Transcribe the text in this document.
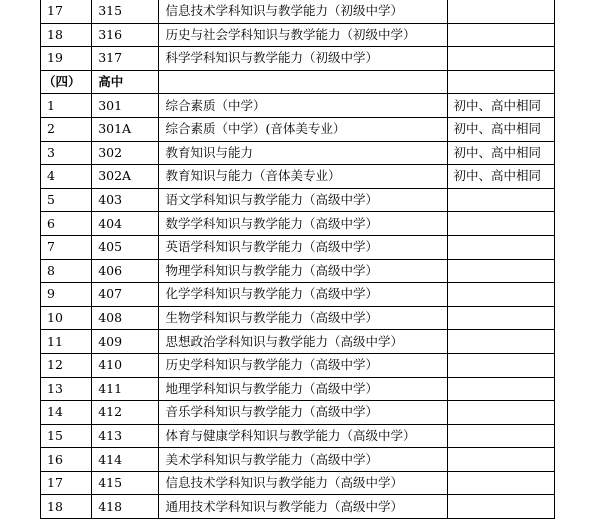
17	315	信息技术学科知识与教学能力（初级中学）	
18	316	历史与社会学科知识与教学能力（初级中学）	
19	317	科学学科知识与教学能力（初级中学）	
（四）	高中		
1	301	综合素质（中学）	初中、高中相同
2	301A	综合素质（中学）(音体美专业）	初中、高中相同
3	302	教育知识与能力	初中、高中相同
4	302A	教育知识与能力（音体美专业）	初中、高中相同
5	403	语文学科知识与教学能力（高级中学）	
6	404	数学学科知识与教学能力（高级中学）	
7	405	英语学科知识与教学能力（高级中学）	
8	406	物理学科知识与教学能力（高级中学）	
9	407	化学学科知识与教学能力（高级中学）	
10	408	生物学科知识与教学能力（高级中学）	
11	409	思想政治学科知识与教学能力（高级中学）	
12	410	历史学科知识与教学能力（高级中学）	
13	411	地理学科知识与教学能力（高级中学）	
14	412	音乐学科知识与教学能力（高级中学）	
15	413	体育与健康学科知识与教学能力（高级中学）	
16	414	美术学科知识与教学能力（高级中学）	
17	415	信息技术学科知识与教学能力（高级中学）	
18	418	通用技术学科知识与教学能力（高级中学）	
